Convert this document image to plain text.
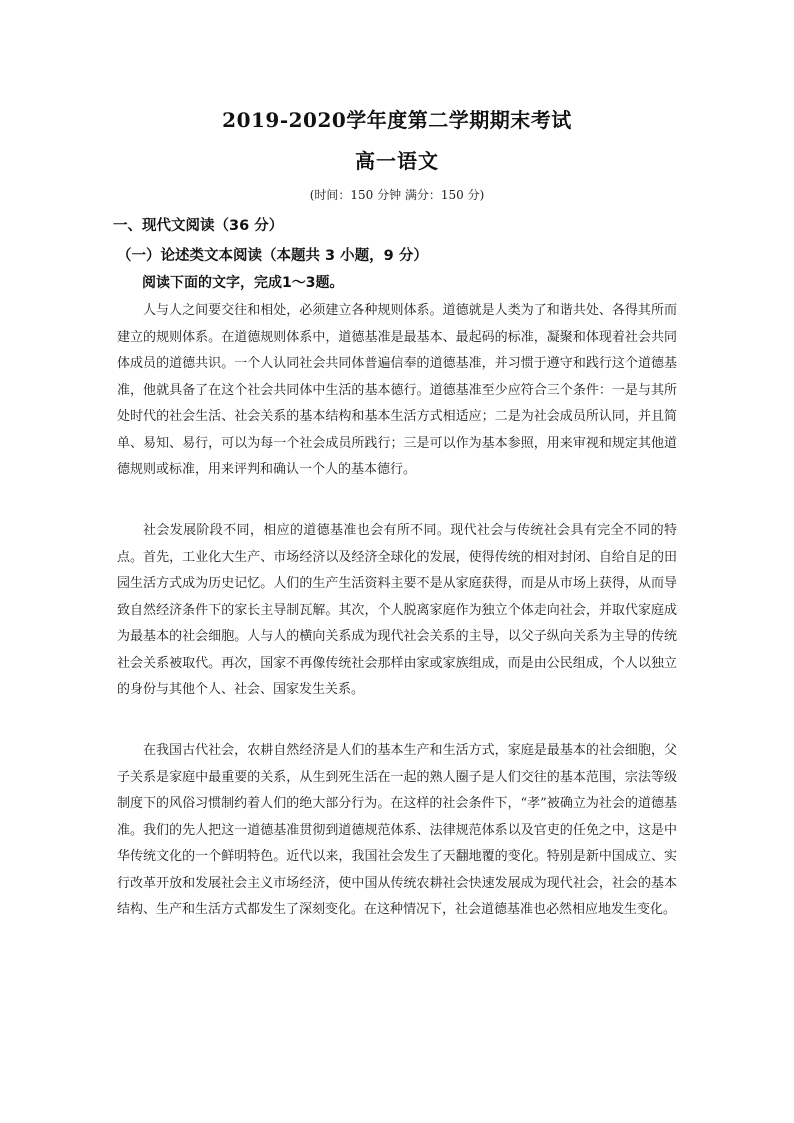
2019-2020学年度第二学期期末考试
高一语文
(时间：150 分钟 满分：150 分)
一、现代文阅读（36 分）
（一）论述类文本阅读（本题共 3 小题，9 分）
阅读下面的文字，完成1～3题。
人与人之间要交往和相处，必须建立各种规则体系。道德就是人类为了和谐共处、各得其所而建立的规则体系。在道德规则体系中，道德基准是最基本、最起码的标准，凝聚和体现着社会共同体成员的道德共识。一个人认同社会共同体普遍信奉的道德基准，并习惯于遵守和践行这个道德基准，他就具备了在这个社会共同体中生活的基本德行。道德基准至少应符合三个条件：一是与其所处时代的社会生活、社会关系的基本结构和基本生活方式相适应；二是为社会成员所认同，并且简单、易知、易行，可以为每一个社会成员所践行；三是可以作为基本参照，用来审视和规定其他道德规则或标准，用来评判和确认一个人的基本德行。
社会发展阶段不同，相应的道德基准也会有所不同。现代社会与传统社会具有完全不同的特点。首先，工业化大生产、市场经济以及经济全球化的发展，使得传统的相对封闭、自给自足的田园生活方式成为历史记忆。人们的生产生活资料主要不是从家庭获得，而是从市场上获得，从而导致自然经济条件下的家长主导制瓦解。其次，个人脱离家庭作为独立个体走向社会，并取代家庭成为最基本的社会细胞。人与人的横向关系成为现代社会关系的主导，以父子纵向关系为主导的传统社会关系被取代。再次，国家不再像传统社会那样由家或家族组成，而是由公民组成，个人以独立的身份与其他个人、社会、国家发生关系。
在我国古代社会，农耕自然经济是人们的基本生产和生活方式，家庭是最基本的社会细胞，父子关系是家庭中最重要的关系，从生到死生活在一起的熟人圈子是人们交往的基本范围，宗法等级制度下的风俗习惯制约着人们的绝大部分行为。在这样的社会条件下，“孝”被确立为社会的道德基准。我们的先人把这一道德基准贯彻到道德规范体系、法律规范体系以及官吏的任免之中，这是中华传统文化的一个鲜明特色。近代以来，我国社会发生了天翻地覆的变化。特别是新中国成立、实行改革开放和发展社会主义市场经济，使中国从传统农耕社会快速发展成为现代社会，社会的基本结构、生产和生活方式都发生了深刻变化。在这种情况下，社会道德基准也必然相应地发生变化。
